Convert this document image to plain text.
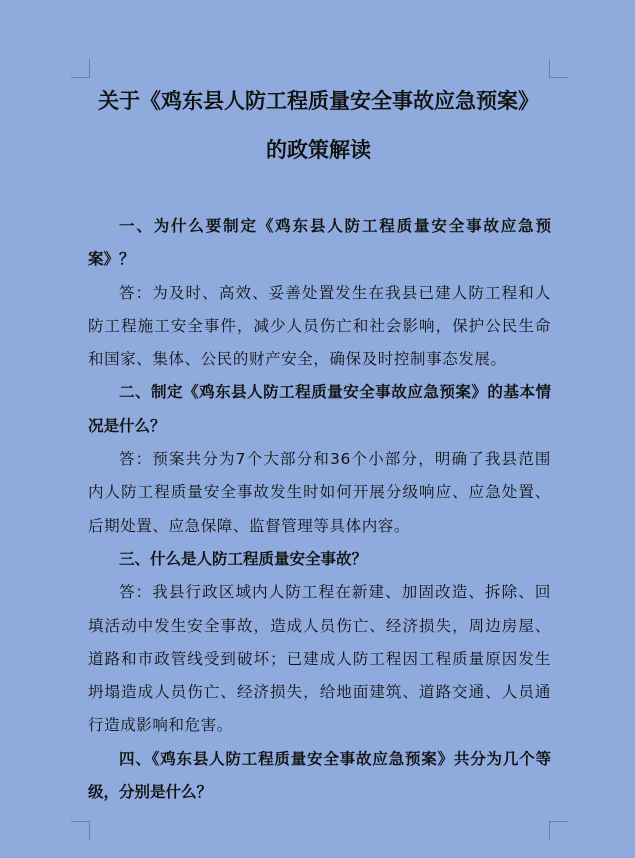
关于《鸡东县人防工程质量安全事故应急预案》
的政策解读

一、为什么要制定《鸡东县人防工程质量安全事故应急预案》？

答：为及时、高效、妥善处置发生在我县已建人防工程和人防工程施工安全事件，减少人员伤亡和社会影响，保护公民生命和国家、集体、公民的财产安全，确保及时控制事态发展。

二、制定《鸡东县人防工程质量安全事故应急预案》的基本情况是什么？

答：预案共分为7个大部分和36个小部分，明确了我县范围内人防工程质量安全事故发生时如何开展分级响应、应急处置、后期处置、应急保障、监督管理等具体内容。

三、什么是人防工程质量安全事故？

答：我县行政区域内人防工程在新建、加固改造、拆除、回填活动中发生安全事故，造成人员伤亡、经济损失，周边房屋、道路和市政管线受到破坏；已建成人防工程因工程质量原因发生坍塌造成人员伤亡、经济损失，给地面建筑、道路交通、人员通行造成影响和危害。

四、《鸡东县人防工程质量安全事故应急预案》共分为几个等级，分别是什么？
